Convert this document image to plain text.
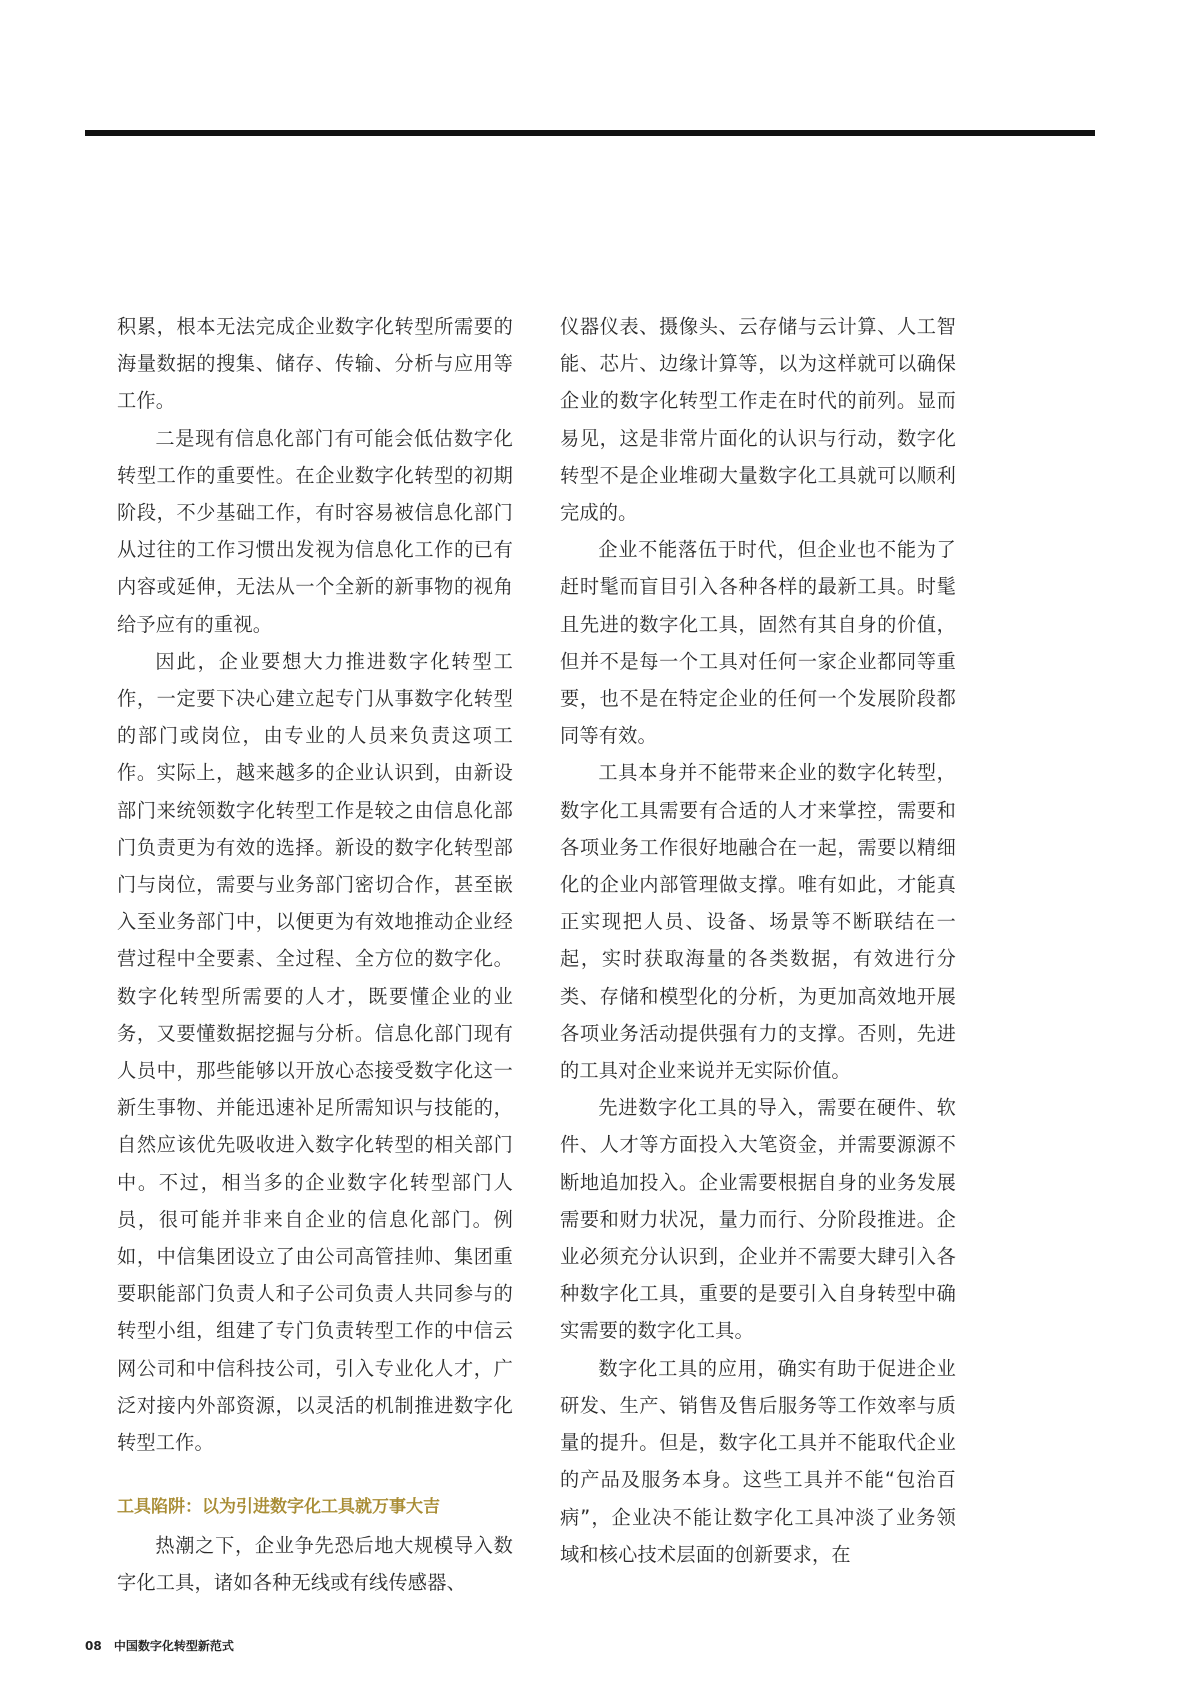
积累，根本无法完成企业数字化转型所需要的海量数据的搜集、储存、传输、分析与应用等工作。

二是现有信息化部门有可能会低估数字化转型工作的重要性。在企业数字化转型的初期阶段，不少基础工作，有时容易被信息化部门从过往的工作习惯出发视为信息化工作的已有内容或延伸，无法从一个全新的新事物的视角给予应有的重视。

因此，企业要想大力推进数字化转型工作，一定要下决心建立起专门从事数字化转型的部门或岗位，由专业的人员来负责这项工作。实际上，越来越多的企业认识到，由新设部门来统领数字化转型工作是较之由信息化部门负责更为有效的选择。新设的数字化转型部门与岗位，需要与业务部门密切合作，甚至嵌入至业务部门中，以便更为有效地推动企业经营过程中全要素、全过程、全方位的数字化。数字化转型所需要的人才，既要懂企业的业务，又要懂数据挖掘与分析。信息化部门现有人员中，那些能够以开放心态接受数字化这一新生事物、并能迅速补足所需知识与技能的，自然应该优先吸收进入数字化转型的相关部门中。不过，相当多的企业数字化转型部门人员，很可能并非来自企业的信息化部门。例如，中信集团设立了由公司高管挂帅、集团重要职能部门负责人和子公司负责人共同参与的转型小组，组建了专门负责转型工作的中信云网公司和中信科技公司，引入专业化人才，广泛对接内外部资源，以灵活的机制推进数字化转型工作。

工具陷阱：以为引进数字化工具就万事大吉

热潮之下，企业争先恐后地大规模导入数字化工具，诸如各种无线或有线传感器、

仪器仪表、摄像头、云存储与云计算、人工智能、芯片、边缘计算等，以为这样就可以确保企业的数字化转型工作走在时代的前列。显而易见，这是非常片面化的认识与行动，数字化转型不是企业堆砌大量数字化工具就可以顺利完成的。

企业不能落伍于时代，但企业也不能为了赶时髦而盲目引入各种各样的最新工具。时髦且先进的数字化工具，固然有其自身的价值，但并不是每一个工具对任何一家企业都同等重要，也不是在特定企业的任何一个发展阶段都同等有效。

工具本身并不能带来企业的数字化转型，数字化工具需要有合适的人才来掌控，需要和各项业务工作很好地融合在一起，需要以精细化的企业内部管理做支撑。唯有如此，才能真正实现把人员、设备、场景等不断联结在一起，实时获取海量的各类数据，有效进行分类、存储和模型化的分析，为更加高效地开展各项业务活动提供强有力的支撑。否则，先进的工具对企业来说并无实际价值。

先进数字化工具的导入，需要在硬件、软件、人才等方面投入大笔资金，并需要源源不断地追加投入。企业需要根据自身的业务发展需要和财力状况，量力而行、分阶段推进。企业必须充分认识到，企业并不需要大肆引入各种数字化工具，重要的是要引入自身转型中确实需要的数字化工具。

数字化工具的应用，确实有助于促进企业研发、生产、销售及售后服务等工作效率与质量的提升。但是，数字化工具并不能取代企业的产品及服务本身。这些工具并不能“包治百病”，企业决不能让数字化工具冲淡了业务领域和核心技术层面的创新要求，在

08 中国数字化转型新范式
